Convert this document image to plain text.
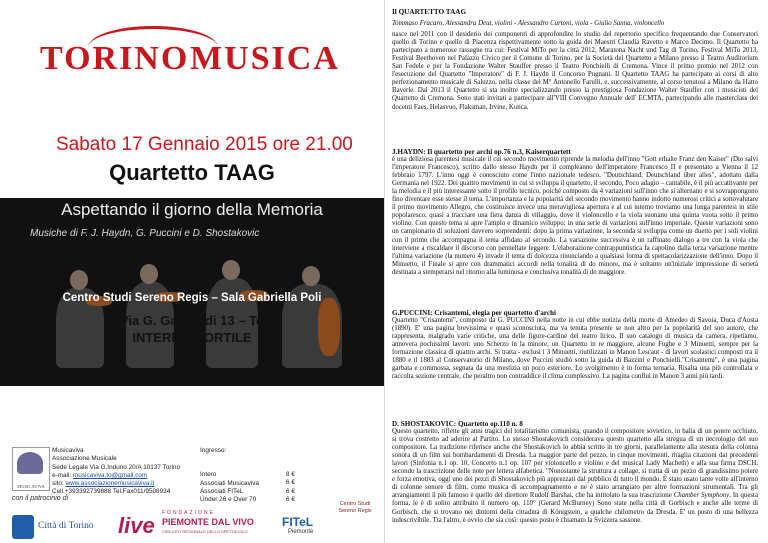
TORINO MUSICA
Sabato 17 Gennaio 2015 ore 21.00
Quartetto TAAG
Aspettando il giorno della Memoria
Musiche di F. J. Haydn, G. Puccini e D. Shostakovic
Centro Studi Sereno Regis – Sala Gabriella Poli
Via G. Garibaldi 13 – To
INTERNO CORTILE
MUSICAVIVA
Musicaviva
Associazione Musicale
Sede Legale Via G.Induno 20/A 10137 Torino
e-mail: musicaviva.to@gmail.com
sito: www.associazionemusicaviva.it
Cell.+393392739888 Tel.Fax011/9508934
Ingresso:
Intero
Associati Musicaviva
Associati FITeL
Under 26 e Over 70
8 €
6 €
6 €
6 €
con il patrocinio di
Città di Torino live FONDAZIONE
PIEMONTE DAL VIVO
CIRCUITO REGIONALE DELLO SPETTACOLO
FITeL
Piemonte
Centro Studi Sereno Regis
Il QUARTETTO TAAG
Tommaso Fracaro, Alessandra Deut, violini - Alessandro Curtoni, viola - Giulio Sanna, violoncello
nasce nel 2011 con il desiderio dei componenti di approfondire lo studio del repertorio specifico frequentando due Conservatori quello di Torino e quello di Piacenza rispettivamente sotto la guida dei Maestri Claudia Ravetto e Marco Decimo. Il Quartetto ha partecipato a numerose rassegne tra cui: Festival MiTo per la città 2012, Maratona Nacht und Tag di Torino, Festival MiTo 2013, Festival Beethoven nel Palazzo Civico per il Comune di Torino, per la Società del Quartetto a Milano presso il Teatro Auditorium San Fedele e per la Fondazione Walter Stauffer presso il Teatro Ponchielli di Cremona. Vince il primo premio nel 2012 con l'esecuzione del Quartetto "Imperatore" di F. J. Haydn il Concorso Pugnani. Il Quartetto TAAG ha partecipato ai corsi di alto perfezionamento musicale di Saluzzo, nella classe del M° Antonello Farulli, e, successivamente, al corso tenutosi a Milano da Hatto Bayerle. Dal 2013 il Quartetto si sta inoltre specializzando presso la prestigiosa Fondazione Walter Stauffer con i musicisti del Quartetto di Cremona. Sono stati invitati a partecipare all'VIII Convegno Annuale dell' ECMTA, partecipando alle masterclass dei docenti Faes, Helasvuo, Flaksman, Irvine, Kunca.
J.HAYDN: Il quartetto per archi op.76 n.3, Kaiserquartett
è una deliziosa parentesi musicale il cui secondo movimento riprende la melodia dell'inno "Gott erhalte Franz den Kaiser" (Dio salvi l'imperatore Francesco), scritto dallo stesso Haydn per il compleanno dell'imperatore Francesco II e presentato a Vienna il 12 febbraio 1797. L'inno oggi è conosciuto come l'inno nazionale tedesco, "Deutschland, Deutschland über alles", adottato dalla Germania nel 1922. Dei quattro movimenti in cui si sviluppa il quartetto, il secondo, Poco adagio – cantabile, è il più accattivante per la melodia e il più interessante sotto il profilo tecnico, poiché composto da 4 variazioni sull'inno che si alternano e si sovrappongono fino diventare esse stesse il tema. L'importanza e la popolarità del secondo movimento hanno indotto numerosi critici a sottovalutare il primo movimento Allegro, che costituisce invece una meravigliosa apertura e al cui interno troviamo una lunga parentesi in stile popolaresco, quasi a tracciare una fiera danza di villaggio, dove il violoncello e la viola suonano una quinta vuota sotto il primo violino. Con questo tema si apre l'ampio e dinamico sviluppo: in una serie di variazioni sull'inno imperiale. Queste variazioni sono un campionario di soluzioni davvero sorprendenti: dopo la prima variazione, la seconda si sviluppa come un duetto per i soli violini con il primo che accompagna il tema affidato al secondo. La variazione successiva è un raffinato dialogo a tre con la viola che interviene a riscaldare il discorso con pennellate leggere. L'elaborazione contrappuntistica fa capolino dalla terza variazione mentre l'ultima variazione (la numero 4) invade il tema di dolcezza rinunciando a qualsiasi forma di spettacolarizzazione dell'inno. Dopo il Minuetto, il Finale si apre con drammatici accordi nella tonalità di do minore, ma è soltanto un'iniziale impressione di serietà destinata a stemperarsi nel ritorno alla luminosa e conclusiva tonalità di do maggiore.
G.PUCCINI: Crisantemi, elegia per quartetto d'archi
Quartetto "Crisantemi", composto da G. PUCCINI nella notte in cui ebbe notizia della morte di Amedeo di Savoia, Duca d'Aosta (1890). E' una pagina brevissima e quasi sconosciuta, ma va tenuta presente se non altro per la popolarità del suo autore, che rappresenta, malgrado varie critiche, una delle figure-cardine del teatro lirico. Il suo catalogo di musica da camera, ripetiamo, annovera pochissimi lavori: uno Scherzo in la minore, un Quartetto in re maggiore, alcune Fughe e 3 Minuetti, sempre per la formazione classica di quattro archi. Si tratta - esclusi i 3 Minuetti, riutilizzati in Manon Lescaut - di lavori scolastici composti tra il 1880 e il 1883 al Conservatorio di Milano, dove Puccini studiò sotto la guida di Bazzini e Ponchielli."Crisantemi", è una pagina garbata e commossa, segnata da una mestizia un poco esteriore. Lo svolgimento è in forma ternaria. Risalta una più controllata e raccolta sezione centrale, che peraltro non contraddice il clima complessivo. La pagina confluì in Manon 3 anni più tardi.
D. SHOSTAKOVIC: Quartetto op.110 n. 8
Questo quartetto, riflette gli anni tragici del totalitarismo comunista, quando il compositore sovietico, in balia di un potere occhiuto, si trova costretto ad aderire al Partito. Lo stesso Shostakovich considerava questo quartetto alla stregua di un necrologio del suo compositore. La tradizione riferisce anche che Shostakovich lo abbia scritto in tre giorni, parallelamente alla stesura della colonna sonora di un film sui bombardamenti di Dresda. La maggior parte del pezzo, in cinque movimenti, ritaglia citazioni dai precedenti lavori (Sinfonia n.1 op. 10, Concerto n.1 op. 107 per violoncello e violino e del musical Lady Macbeth) e alla sua firma DSCH, secondo la trascrizione delle note per lettera alfabetica. "Nonostante la struttura a collage, si tratta di un pezzo di grandissimo potere e forza emotiva, oggi uno dei pezzi di Shostakovich più apprezzati dal pubblico di tutto il mondo. È stato usato tante volte all'interno di colonne sonore di film, come musica di accompagnamento e ne è stato arrangiato per altre formazioni strumentali. Tra gli arrangiamenti il più famoso è quello del direttore Rudolf Barshai, che ha intitolato la sua trascrizione Chamber Symphony. In questa forma, le è di solito attribuito il numero op. 110° (Gerard McBurney) Sono state nella città di Gorbisch e anche alle terme di Gorbisch, che si trovano nei dintorni della cittadina di Königstein, a qualche chilometro da Dresda. E' un posto di una bellezza indescrivibile. Tra l'altro, è ovvio che sia così: questo posto è chiamato la Svizzera sassone.
